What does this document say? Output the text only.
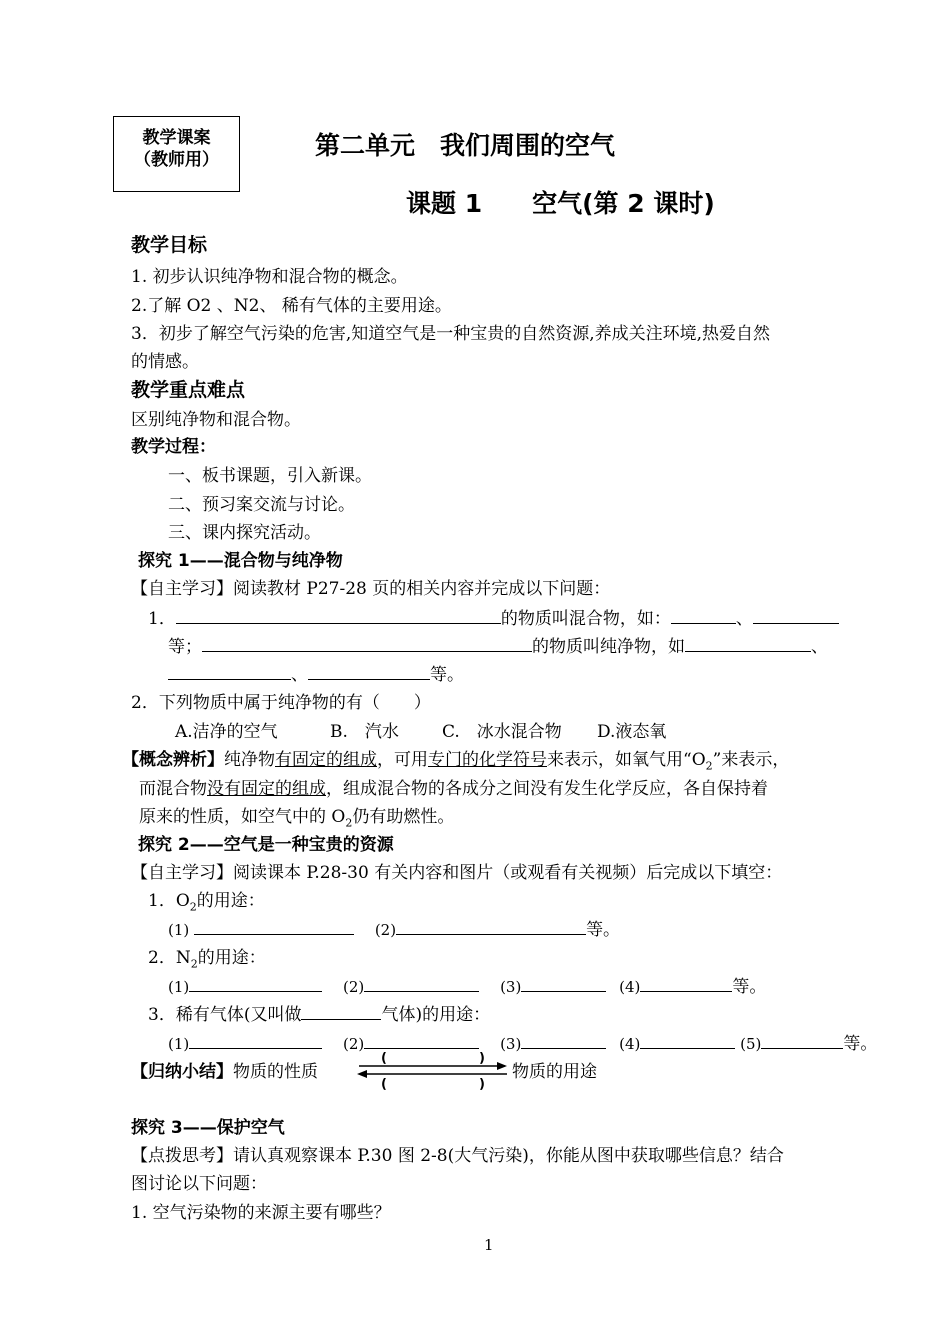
教学课案
（教师用）	第二单元　我们周围的空气
课题 1　　空气(第 2 课时)
教学目标
1. 初步认识纯净物和混合物的概念。
2.了解 O2 、N2、 稀有气体的主要用途。
3．初步了解空气污染的危害,知道空气是一种宝贵的自然资源,养成关注环境,热爱自然
的情感。
教学重点难点
区别纯净物和混合物。
教学过程：
一、板书课题，引入新课。
二、预习案交流与讨论。
三、课内探究活动。
探究 1——混合物与纯净物
【自主学习】阅读教材 P27-28 页的相关内容并完成以下问题：
1．	的物质叫混合物，如：	、
等；	的物质叫纯净物，如	、
、	等。
2．下列物质中属于纯净物的有（　　）
A.洁净的空气	B.　汽水	C.　冰水混合物 D.液态氧
【概念辨析】纯净物有固定的组成，可用专门的化学符号来表示，如氧气用“$O_2$”来表示，
而混合物没有固定的组成，组成混合物的各成分之间没有发生化学反应，各自保持着
原来的性质，如空气中的 $O_2$仍有助燃性。
探究 2——空气是一种宝贵的资源
【自主学习】阅读课本 P.28-30 有关内容和图片（或观看有关视频）后完成以下填空：
1．$O_2$的用途：
(1)	(2)	等。
2．$N_2$的用途：
(1)	(2)	(3)	(4)	等。
3．稀有气体(又叫做	气体)的用途：
(1)	(2)	(3)	(4)	(5)	等。
【归纳小结】物质的性质
(	)
(	)
物质的用途
探究 3——保护空气
【点拨思考】请认真观察课本 P.30 图 2-8(大气污染)，你能从图中获取哪些信息？结合
图讨论以下问题：
1. 空气污染物的来源主要有哪些？
1
